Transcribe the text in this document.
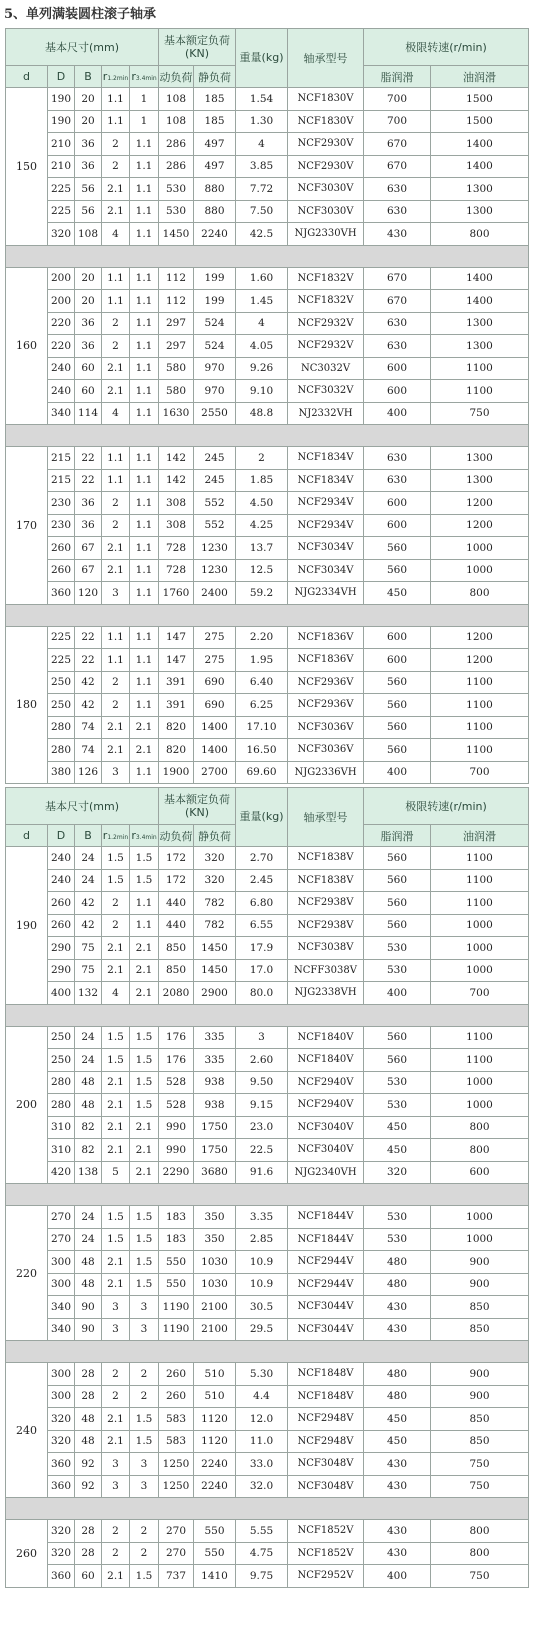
5、单列满装圆柱滚子轴承
基本尺寸(mm)					基本额定负荷(KN)		重量(kg)	轴承型号	极限转速(r/min)	
d	D	B	r1.2min	r3.4min	动负荷	静负荷			脂润滑	油润滑
150	190	20	1.1	1	108	185	1.54	NCF1830V	700	1500
	190	20	1.1	1	108	185	1.30	NCF1830V	700	1500
	210	36	2	1.1	286	497	4	NCF2930V	670	1400
	210	36	2	1.1	286	497	3.85	NCF2930V	670	1400
	225	56	2.1	1.1	530	880	7.72	NCF3030V	630	1300
	225	56	2.1	1.1	530	880	7.50	NCF3030V	630	1300
	320	108	4	1.1	1450	2240	42.5	NJG2330VH	430	800

160	200	20	1.1	1.1	112	199	1.60	NCF1832V	670	1400
	200	20	1.1	1.1	112	199	1.45	NCF1832V	670	1400
	220	36	2	1.1	297	524	4	NCF2932V	630	1300
	220	36	2	1.1	297	524	4.05	NCF2932V	630	1300
	240	60	2.1	1.1	580	970	9.26	NC3032V	600	1100
	240	60	2.1	1.1	580	970	9.10	NCF3032V	600	1100
	340	114	4	1.1	1630	2550	48.8	NJ2332VH	400	750

170	215	22	1.1	1.1	142	245	2	NCF1834V	630	1300
	215	22	1.1	1.1	142	245	1.85	NCF1834V	630	1300
	230	36	2	1.1	308	552	4.50	NCF2934V	600	1200
	230	36	2	1.1	308	552	4.25	NCF2934V	600	1200
	260	67	2.1	1.1	728	1230	13.7	NCF3034V	560	1000
	260	67	2.1	1.1	728	1230	12.5	NCF3034V	560	1000
	360	120	3	1.1	1760	2400	59.2	NJG2334VH	450	800

180	225	22	1.1	1.1	147	275	2.20	NCF1836V	600	1200
	225	22	1.1	1.1	147	275	1.95	NCF1836V	600	1200
	250	42	2	1.1	391	690	6.40	NCF2936V	560	1100
	250	42	2	1.1	391	690	6.25	NCF2936V	560	1100
	280	74	2.1	2.1	820	1400	17.10	NCF3036V	560	1100
	280	74	2.1	2.1	820	1400	16.50	NCF3036V	560	1100
	380	126	3	1.1	1900	2700	69.60	NJG2336VH	400	700
基本尺寸(mm)					基本额定负荷(KN)		重量(kg)	轴承型号	极限转速(r/min)	
d	D	B	r1.2min	r3.4min	动负荷	静负荷			脂润滑	油润滑
190	240	24	1.5	1.5	172	320	2.70	NCF1838V	560	1100
	240	24	1.5	1.5	172	320	2.45	NCF1838V	560	1100
	260	42	2	1.1	440	782	6.80	NCF2938V	560	1100
	260	42	2	1.1	440	782	6.55	NCF2938V	560	1000
	290	75	2.1	2.1	850	1450	17.9	NCF3038V	530	1000
	290	75	2.1	2.1	850	1450	17.0	NCFF3038V	530	1000
	400	132	4	2.1	2080	2900	80.0	NJG2338VH	400	700

200	250	24	1.5	1.5	176	335	3	NCF1840V	560	1100
	250	24	1.5	1.5	176	335	2.60	NCF1840V	560	1100
	280	48	2.1	1.5	528	938	9.50	NCF2940V	530	1000
	280	48	2.1	1.5	528	938	9.15	NCF2940V	530	1000
	310	82	2.1	2.1	990	1750	23.0	NCF3040V	450	800
	310	82	2.1	2.1	990	1750	22.5	NCF3040V	450	800
	420	138	5	2.1	2290	3680	91.6	NJG2340VH	320	600

220	270	24	1.5	1.5	183	350	3.35	NCF1844V	530	1000
	270	24	1.5	1.5	183	350	2.85	NCF1844V	530	1000
	300	48	2.1	1.5	550	1030	10.9	NCF2944V	480	900
	300	48	2.1	1.5	550	1030	10.9	NCF2944V	480	900
	340	90	3	3	1190	2100	30.5	NCF3044V	430	850
	340	90	3	3	1190	2100	29.5	NCF3044V	430	850

240	300	28	2	2	260	510	5.30	NCF1848V	480	900
	300	28	2	2	260	510	4.4	NCF1848V	480	900
	320	48	2.1	1.5	583	1120	12.0	NCF2948V	450	850
	320	48	2.1	1.5	583	1120	11.0	NCF2948V	450	850
	360	92	3	3	1250	2240	33.0	NCF3048V	430	750
	360	92	3	3	1250	2240	32.0	NCF3048V	430	750

260	320	28	2	2	270	550	5.55	NCF1852V	430	800
	320	28	2	2	270	550	4.75	NCF1852V	430	800
	360	60	2.1	1.5	737	1410	9.75	NCF2952V	400	750
